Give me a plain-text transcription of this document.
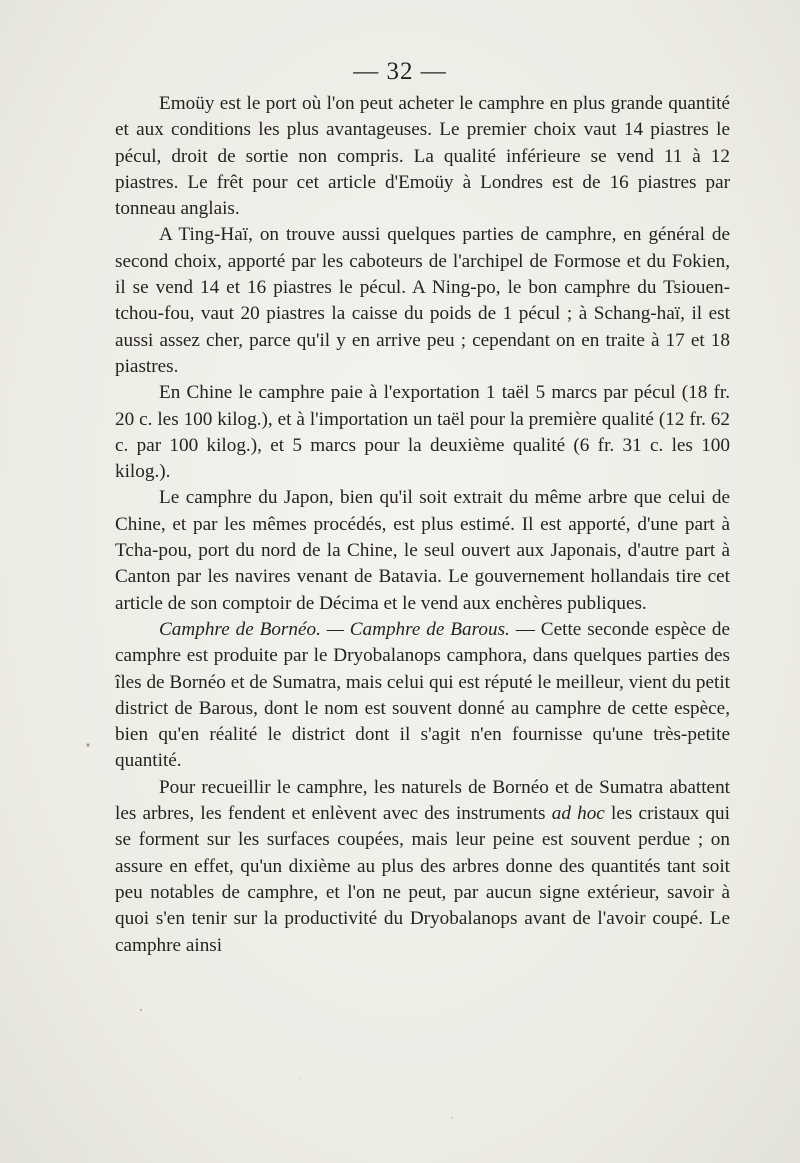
— 32 —

Emoüy est le port où l'on peut acheter le camphre en plus grande quantité et aux conditions les plus avantageuses. Le premier choix vaut 14 piastres le pécul, droit de sortie non compris. La qualité inférieure se vend 11 à 12 piastres. Le frêt pour cet article d'Emoüy à Londres est de 16 piastres par tonneau anglais.

A Ting-Haï, on trouve aussi quelques parties de camphre, en général de second choix, apporté par les caboteurs de l'archipel de Formose et du Fokien, il se vend 14 et 16 piastres le pécul. A Ning-po, le bon camphre du Tsiouen-tchou-fou, vaut 20 piastres la caisse du poids de 1 pécul ; à Schang-haï, il est aussi assez cher, parce qu'il y en arrive peu ; cependant on en traite à 17 et 18 piastres.

En Chine le camphre paie à l'exportation 1 taël 5 marcs par pécul (18 fr. 20 c. les 100 kilog.), et à l'importation un taël pour la première qualité (12 fr. 62 c. par 100 kilog.), et 5 marcs pour la deuxième qualité (6 fr. 31 c. les 100 kilog.).

Le camphre du Japon, bien qu'il soit extrait du même arbre que celui de Chine, et par les mêmes procédés, est plus estimé. Il est apporté, d'une part à Tcha-pou, port du nord de la Chine, le seul ouvert aux Japonais, d'autre part à Canton par les navires venant de Batavia. Le gouvernement hollandais tire cet article de son comptoir de Décima et le vend aux enchères publiques.

Camphre de Bornéo. — Camphre de Barous. — Cette seconde espèce de camphre est produite par le Dryobalanops camphora, dans quelques parties des îles de Bornéo et de Sumatra, mais celui qui est réputé le meilleur, vient du petit district de Barous, dont le nom est souvent donné au camphre de cette espèce, bien qu'en réalité le district dont il s'agit n'en fournisse qu'une très-petite quantité.

Pour recueillir le camphre, les naturels de Bornéo et de Sumatra abattent les arbres, les fendent et enlèvent avec des instruments ad hoc les cristaux qui se forment sur les surfaces coupées, mais leur peine est souvent perdue ; on assure en effet, qu'un dixième au plus des arbres donne des quantités tant soit peu notables de camphre, et l'on ne peut, par aucun signe extérieur, savoir à quoi s'en tenir sur la productivité du Dryobalanops avant de l'avoir coupé. Le camphre ainsi
